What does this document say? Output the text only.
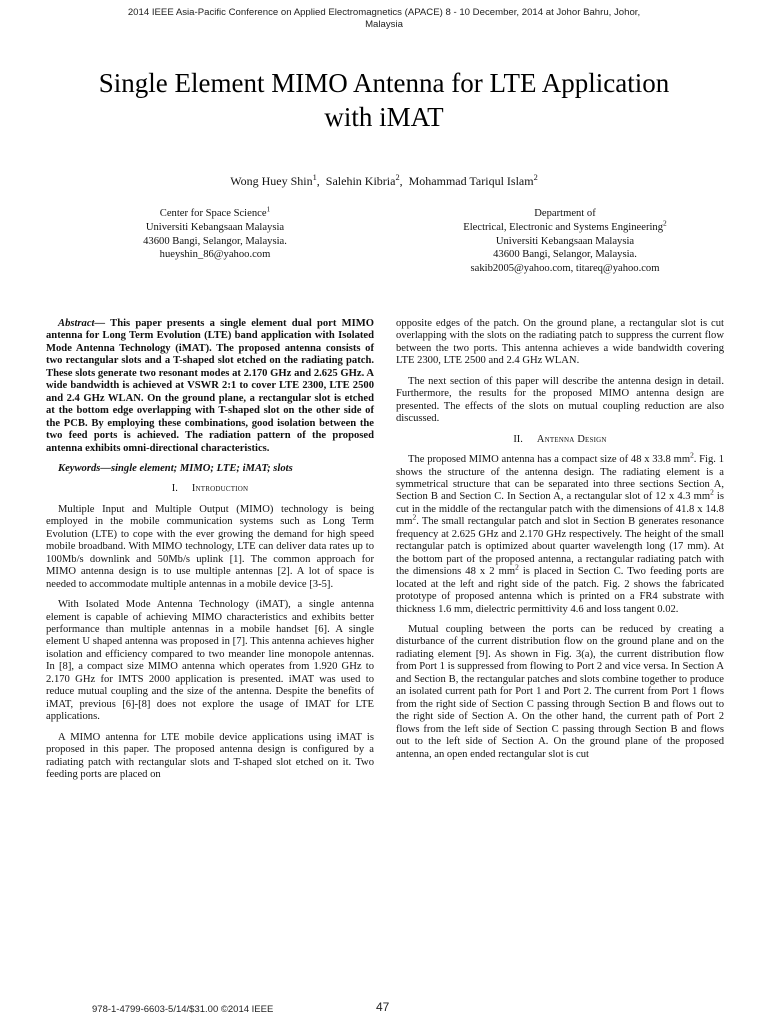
2014 IEEE Asia-Pacific Conference on Applied Electromagnetics (APACE) 8 - 10 December, 2014 at Johor Bahru, Johor,
Malaysia
Single Element MIMO Antenna for LTE Application
with iMAT
Wong Huey Shin$^1$,  Salehin Kibria$^2$,  Mohammad Tariqul Islam$^2$
Center for Space Science$^1$
Universiti Kebangsaan Malaysia
43600 Bangi, Selangor, Malaysia.
hueyshin_86@yahoo.com
Department of
Electrical, Electronic and Systems Engineering$^2$
Universiti Kebangsaan Malaysia
43600 Bangi, Selangor, Malaysia.
sakib2005@yahoo.com, titareq@yahoo.com

Abstract— This paper presents a single element dual port MIMO antenna for Long Term Evolution (LTE) band application with Isolated Mode Antenna Technology (iMAT). The proposed antenna consists of two rectangular slots and a T-shaped slot etched on the radiating patch. These slots generate two resonant modes at 2.170 GHz and 2.625 GHz. A wide bandwidth is achieved at VSWR 2:1 to cover LTE 2300, LTE 2500 and 2.4 GHz WLAN. On the ground plane, a rectangular slot is etched at the bottom edge overlapping with T-shaped slot on the other side of the PCB. By employing these combinations, good isolation between the two feed ports is achieved. The radiation pattern of the proposed antenna exhibits omni-directional characteristics.

Keywords—single element; MIMO; LTE; iMAT; slots

I. Introduction

Multiple Input and Multiple Output (MIMO) technology is being employed in the mobile communication systems such as Long Term Evolution (LTE) to cope with the ever growing the demand for high speed mobile broadband. With MIMO technology, LTE can deliver data rates up to 100Mb/s downlink and 50Mb/s uplink [1]. The common approach for MIMO antenna design is to use multiple antennas [2]. A lot of space is needed to accommodate multiple antennas in a mobile device [3-5].

With Isolated Mode Antenna Technology (iMAT), a single antenna element is capable of achieving MIMO characteristics and exhibits better performance than multiple antennas in a mobile handset [6]. A single element U shaped antenna was proposed in [7]. This antenna achieves higher isolation and efficiency compared to two meander line monopole antennas. In [8], a compact size MIMO antenna which operates from 1.920 GHz to 2.170 GHz for IMTS 2000 application is presented. iMAT was used to reduce mutual coupling and the size of the antenna. Despite the benefits of iMAT, previous [6]-[8] does not explore the usage of IMAT for LTE applications.

A MIMO antenna for LTE mobile device applications using iMAT is proposed in this paper. The proposed antenna design is configured by a radiating patch with rectangular slots and T-shaped slot etched on it. Two feeding ports are placed on

opposite edges of the patch. On the ground plane, a rectangular slot is cut overlapping with the slots on the radiating patch to suppress the current flow between the two ports. This antenna achieves a wide bandwidth covering LTE 2300, LTE 2500 and 2.4 GHz WLAN.

The next section of this paper will describe the antenna design in detail. Furthermore, the results for the proposed MIMO antenna design are presented. The effects of the slots on mutual coupling reduction are also discussed.

II. Antenna Design

The proposed MIMO antenna has a compact size of 48 x 33.8 $mm^2$. Fig. 1 shows the structure of the antenna design. The radiating element is a symmetrical structure that can be separated into three sections Section A, Section B and Section C. In Section A, a rectangular slot of 12 x 4.3 $mm^2$ is cut in the middle of the rectangular patch with the dimensions of 41.8 x 14.8 $mm^2$. The small rectangular patch and slot in Section B generates resonance frequency at 2.625 GHz and 2.170 GHz respectively. The height of the small rectangular patch is optimized about quarter wavelength long (17 mm). At the bottom part of the proposed antenna, a rectangular radiating patch with the dimensions 48 x 2 $mm^2$ is placed in Section C. Two feeding ports are located at the left and right side of the patch. Fig. 2 shows the fabricated prototype of proposed antenna which is printed on a FR4 substrate with thickness 1.6 mm, dielectric permittivity 4.6 and loss tangent 0.02.

Mutual coupling between the ports can be reduced by creating a disturbance of the current distribution flow on the ground plane and on the radiating element [9]. As shown in Fig. 3(a), the current distribution flow from Port 1 is suppressed from flowing to Port 2 and vice versa. In Section A and Section B, the rectangular patches and slots combine together to produce an isolated current path for Port 1 and Port 2. The current from Port 1 flows from the right side of Section C passing through Section B and flows out to the right side of Section A. On the other hand, the current path of Port 2 flows from the left side of Section C passing through Section B and flows out to the left side of Section A. On the ground plane of the proposed antenna, an open ended rectangular slot is cut

978-1-4799-6603-5/14/$31.00 ©2014 IEEE	47
